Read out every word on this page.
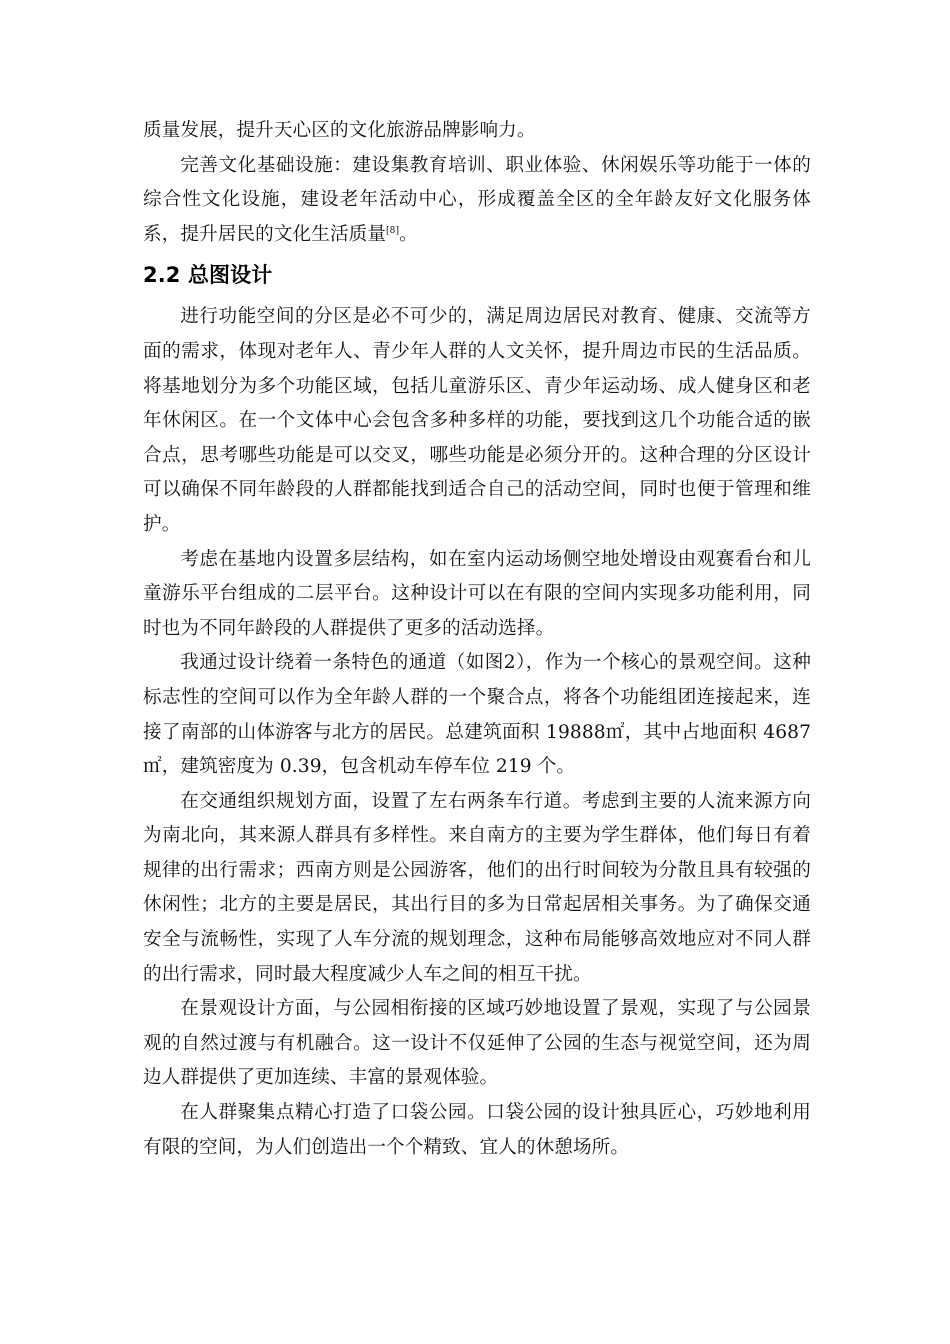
质量发展，提升天心区的文化旅游品牌影响力。

完善文化基础设施：建设集教育培训、职业体验、休闲娱乐等功能于一体的综合性文化设施，建设老年活动中心，形成覆盖全区的全年龄友好文化服务体系，提升居民的文化生活质量[8]。

2.2 总图设计

进行功能空间的分区是必不可少的，满足周边居民对教育、健康、交流等方面的需求，体现对老年人、青少年人群的人文关怀，提升周边市民的生活品质。将基地划分为多个功能区域，包括儿童游乐区、青少年运动场、成人健身区和老年休闲区。在一个文体中心会包含多种多样的功能，要找到这几个功能合适的嵌合点，思考哪些功能是可以交叉，哪些功能是必须分开的。这种合理的分区设计可以确保不同年龄段的人群都能找到适合自己的活动空间，同时也便于管理和维护。

考虑在基地内设置多层结构，如在室内运动场侧空地处增设由观赛看台和儿童游乐平台组成的二层平台。这种设计可以在有限的空间内实现多功能利用，同时也为不同年龄段的人群提供了更多的活动选择。

我通过设计绕着一条特色的通道（如图2），作为一个核心的景观空间。这种标志性的空间可以作为全年龄人群的一个聚合点，将各个功能组团连接起来，连接了南部的山体游客与北方的居民。总建筑面积 19888㎡，其中占地面积 4687㎡，建筑密度为 0.39，包含机动车停车位 219 个。

在交通组织规划方面，设置了左右两条车行道。考虑到主要的人流来源方向为南北向，其来源人群具有多样性。来自南方的主要为学生群体，他们每日有着规律的出行需求；西南方则是公园游客，他们的出行时间较为分散且具有较强的休闲性；北方的主要是居民，其出行目的多为日常起居相关事务。为了确保交通安全与流畅性，实现了人车分流的规划理念，这种布局能够高效地应对不同人群的出行需求，同时最大程度减少人车之间的相互干扰。

在景观设计方面，与公园相衔接的区域巧妙地设置了景观，实现了与公园景观的自然过渡与有机融合。这一设计不仅延伸了公园的生态与视觉空间，还为周边人群提供了更加连续、丰富的景观体验。

在人群聚集点精心打造了口袋公园。口袋公园的设计独具匠心，巧妙地利用有限的空间，为人们创造出一个个精致、宜人的休憩场所。
